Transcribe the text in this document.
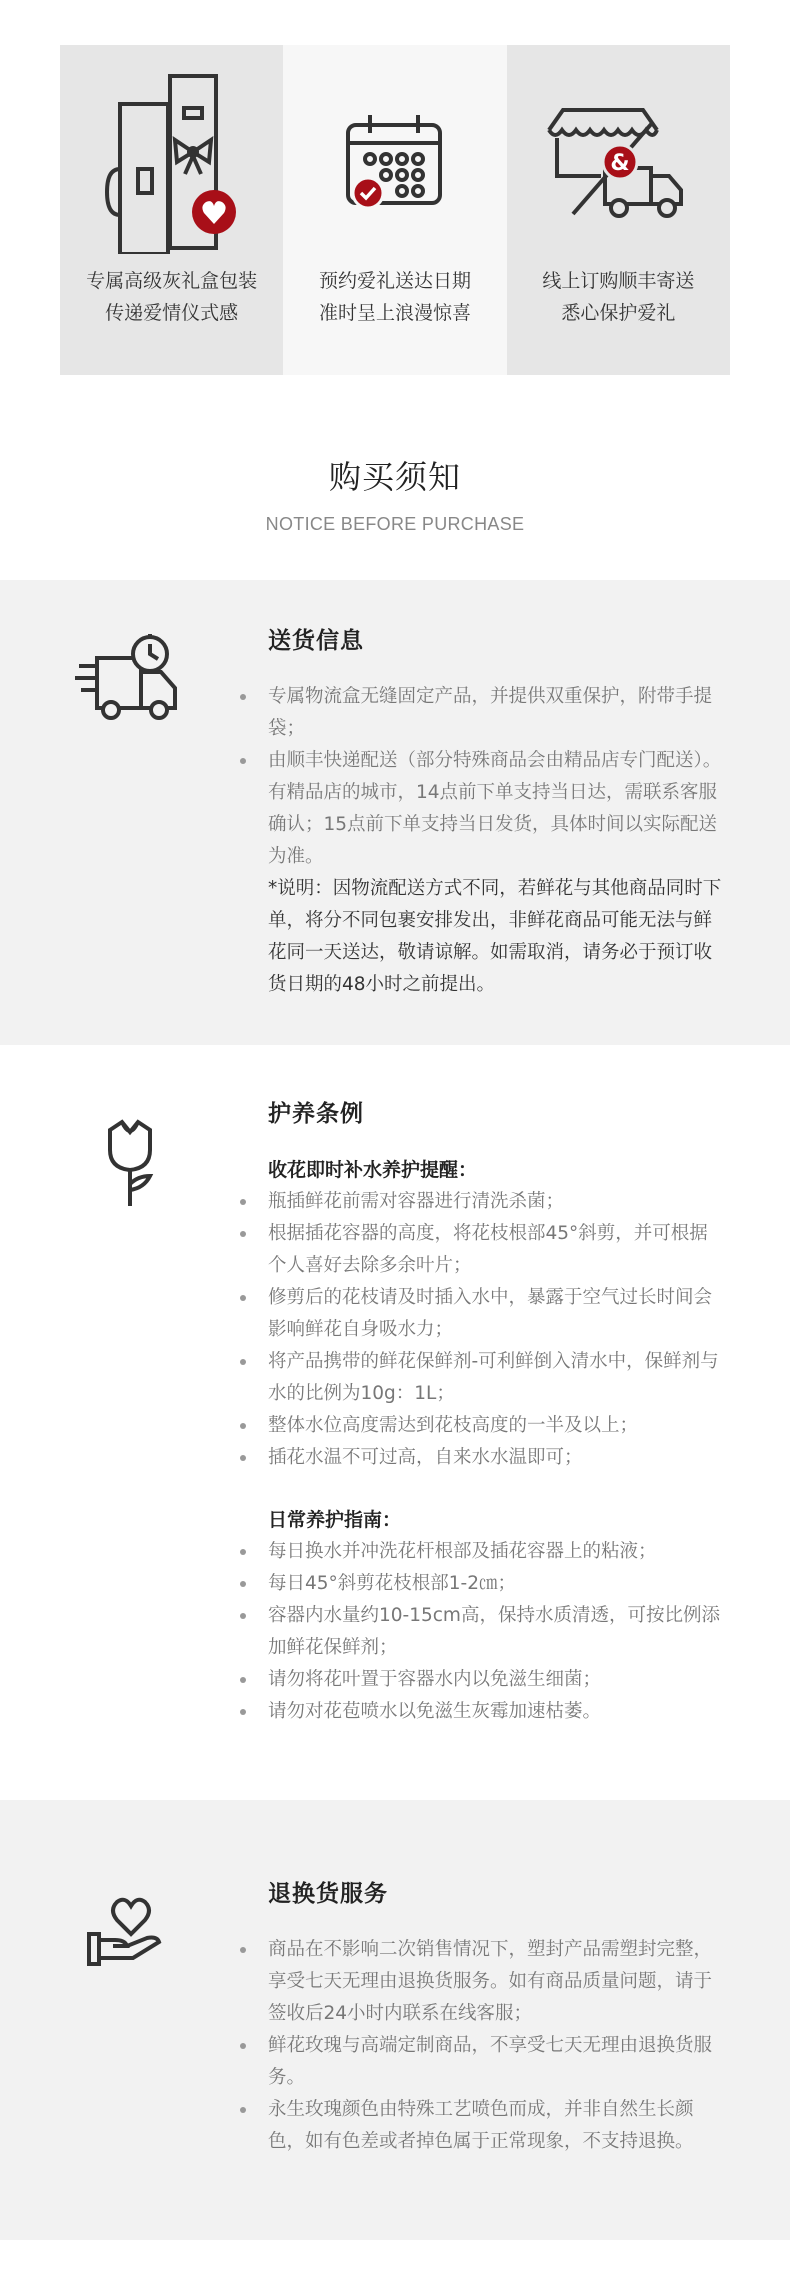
专属高级灰礼盒包装
传递爱情仪式感
预约爱礼送达日期
准时呈上浪漫惊喜
&
线上订购顺丰寄送
悉心保护爱礼
购买须知
NOTICE BEFORE PURCHASE
送货信息
专属物流盒无缝固定产品，并提供双重保护，附带手提袋；
由顺丰快递配送（部分特殊商品会由精品店专门配送）。有精品店的城市，14点前下单支持当日达，需联系客服确认；15点前下单支持当日发货，具体时间以实际配送为准。

*说明：因物流配送方式不同，若鲜花与其他商品同时下单，将分不同包裹安排发出，非鲜花商品可能无法与鲜花同一天送达，敬请谅解。如需取消，请务必于预订收货日期的48小时之前提出。

护养条例

收花即时补水养护提醒：

瓶插鲜花前需对容器进行清洗杀菌；
根据插花容器的高度，将花枝根部45°斜剪，并可根据个人喜好去除多余叶片；
修剪后的花枝请及时插入水中，暴露于空气过长时间会影响鲜花自身吸水力；
将产品携带的鲜花保鲜剂-可利鲜倒入清水中，保鲜剂与水的比例为10g：1L；
整体水位高度需达到花枝高度的一半及以上；
插花水温不可过高，自来水水温即可；

日常养护指南：

每日换水并冲洗花杆根部及插花容器上的粘液；
每日45°斜剪花枝根部1-2㎝；
容器内水量约10-15cm高，保持水质清透，可按比例添加鲜花保鲜剂；
请勿将花叶置于容器水内以免滋生细菌；
请勿对花苞喷水以免滋生灰霉加速枯萎。
退换货服务
商品在不影响二次销售情况下，塑封产品需塑封完整，享受七天无理由退换货服务。如有商品质量问题，请于签收后24小时内联系在线客服；
鲜花玫瑰与高端定制商品，不享受七天无理由退换货服务。
永生玫瑰颜色由特殊工艺喷色而成，并非自然生长颜色，如有色差或者掉色属于正常现象，不支持退换。
